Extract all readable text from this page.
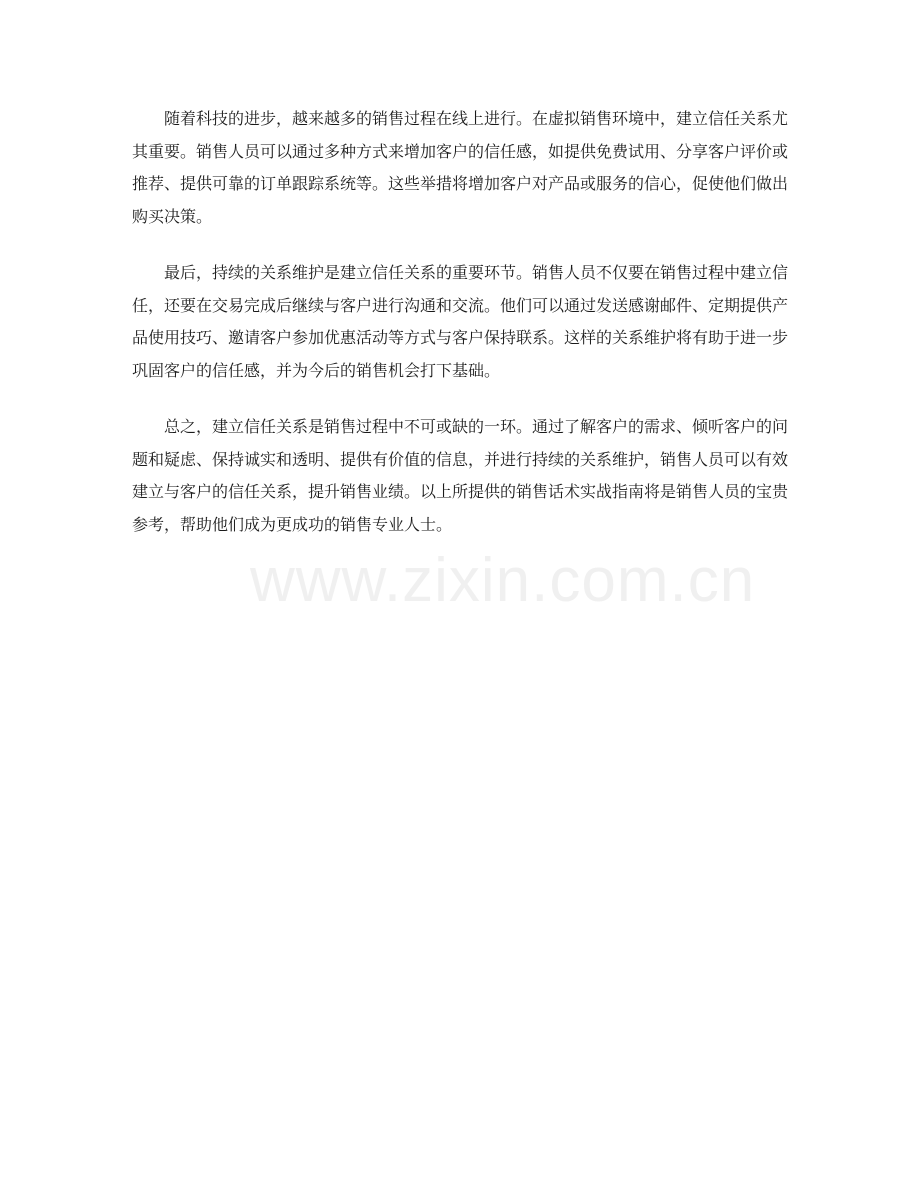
随着科技的进步，越来越多的销售过程在线上进行。在虚拟销售环境中，建立信任关系尤其重要。销售人员可以通过多种方式来增加客户的信任感，如提供免费试用、分享客户评价或推荐、提供可靠的订单跟踪系统等。这些举措将增加客户对产品或服务的信心，促使他们做出购买决策。

最后，持续的关系维护是建立信任关系的重要环节。销售人员不仅要在销售过程中建立信任，还要在交易完成后继续与客户进行沟通和交流。他们可以通过发送感谢邮件、定期提供产品使用技巧、邀请客户参加优惠活动等方式与客户保持联系。这样的关系维护将有助于进一步巩固客户的信任感，并为今后的销售机会打下基础。

总之，建立信任关系是销售过程中不可或缺的一环。通过了解客户的需求、倾听客户的问题和疑虑、保持诚实和透明、提供有价值的信息，并进行持续的关系维护，销售人员可以有效建立与客户的信任关系，提升销售业绩。以上所提供的销售话术实战指南将是销售人员的宝贵参考，帮助他们成为更成功的销售专业人士。

www.zixin.com.cn
